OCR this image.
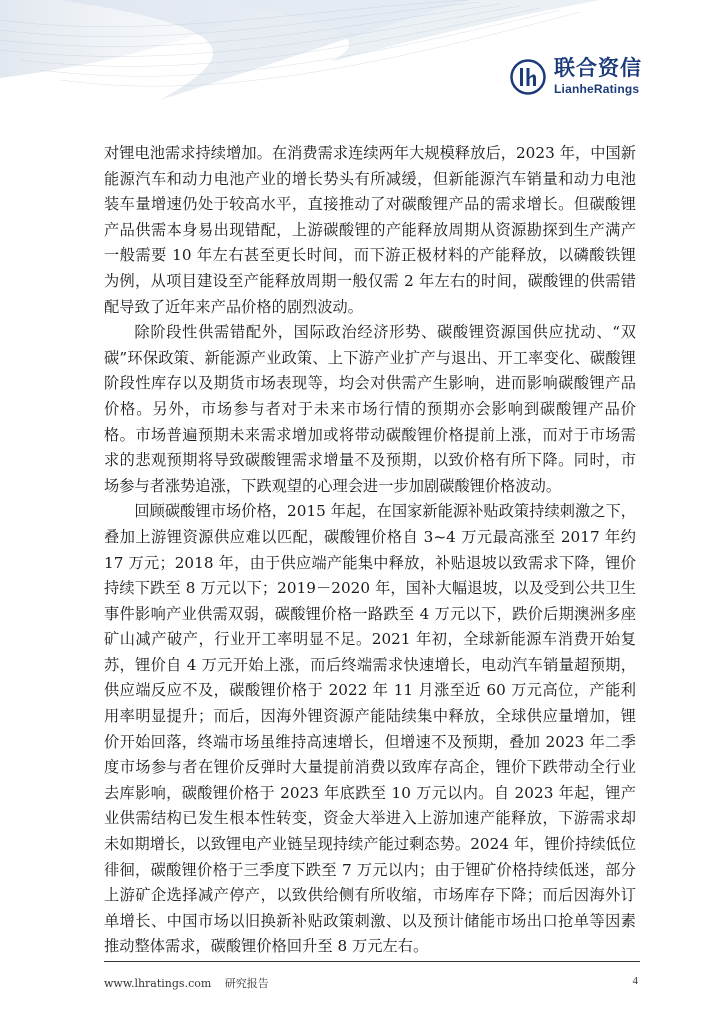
联合资信
LianheRatings

对锂电池需求持续增加。在消费需求连续两年大规模释放后，2023 年，中国新能源汽车和动力电池产业的增长势头有所减缓，但新能源汽车销量和动力电池装车量增速仍处于较高水平，直接推动了对碳酸锂产品的需求增长。但碳酸锂产品供需本身易出现错配，上游碳酸锂的产能释放周期从资源勘探到生产满产一般需要 10 年左右甚至更长时间，而下游正极材料的产能释放，以磷酸铁锂为例，从项目建设至产能释放周期一般仅需 2 年左右的时间，碳酸锂的供需错配导致了近年来产品价格的剧烈波动。

除阶段性供需错配外，国际政治经济形势、碳酸锂资源国供应扰动、“双碳”环保政策、新能源产业政策、上下游产业扩产与退出、开工率变化、碳酸锂阶段性库存以及期货市场表现等，均会对供需产生影响，进而影响碳酸锂产品价格。另外，市场参与者对于未来市场行情的预期亦会影响到碳酸锂产品价格。市场普遍预期未来需求增加或将带动碳酸锂价格提前上涨，而对于市场需求的悲观预期将导致碳酸锂需求增量不及预期，以致价格有所下降。同时，市场参与者涨势追涨，下跌观望的心理会进一步加剧碳酸锂价格波动。

回顾碳酸锂市场价格，2015 年起，在国家新能源补贴政策持续刺激之下，叠加上游锂资源供应难以匹配，碳酸锂价格自 3~4 万元最高涨至 2017 年约 17 万元；2018 年，由于供应端产能集中释放，补贴退坡以致需求下降，锂价持续下跌至 8 万元以下；2019－2020 年，国补大幅退坡，以及受到公共卫生事件影响产业供需双弱，碳酸锂价格一路跌至 4 万元以下，跌价后期澳洲多座矿山减产破产，行业开工率明显不足。2021 年初，全球新能源车消费开始复苏，锂价自 4 万元开始上涨，而后终端需求快速增长，电动汽车销量超预期，供应端反应不及，碳酸锂价格于 2022 年 11 月涨至近 60 万元高位，产能利用率明显提升；而后，因海外锂资源产能陆续集中释放，全球供应量增加，锂价开始回落，终端市场虽维持高速增长，但增速不及预期，叠加 2023 年二季度市场参与者在锂价反弹时大量提前消费以致库存高企，锂价下跌带动全行业去库影响，碳酸锂价格于 2023 年底跌至 10 万元以内。自 2023 年起，锂产业供需结构已发生根本性转变，资金大举进入上游加速产能释放，下游需求却未如期增长，以致锂电产业链呈现持续产能过剩态势。2024 年，锂价持续低位徘徊，碳酸锂价格于三季度下跌至 7 万元以内；由于锂矿价格持续低迷，部分上游矿企选择减产停产，以致供给侧有所收缩，市场库存下降；而后因海外订单增长、中国市场以旧换新补贴政策刺激、以及预计储能市场出口抢单等因素推动整体需求，碳酸锂价格回升至 8 万元左右。

www.lhratings.com 研究报告	4
